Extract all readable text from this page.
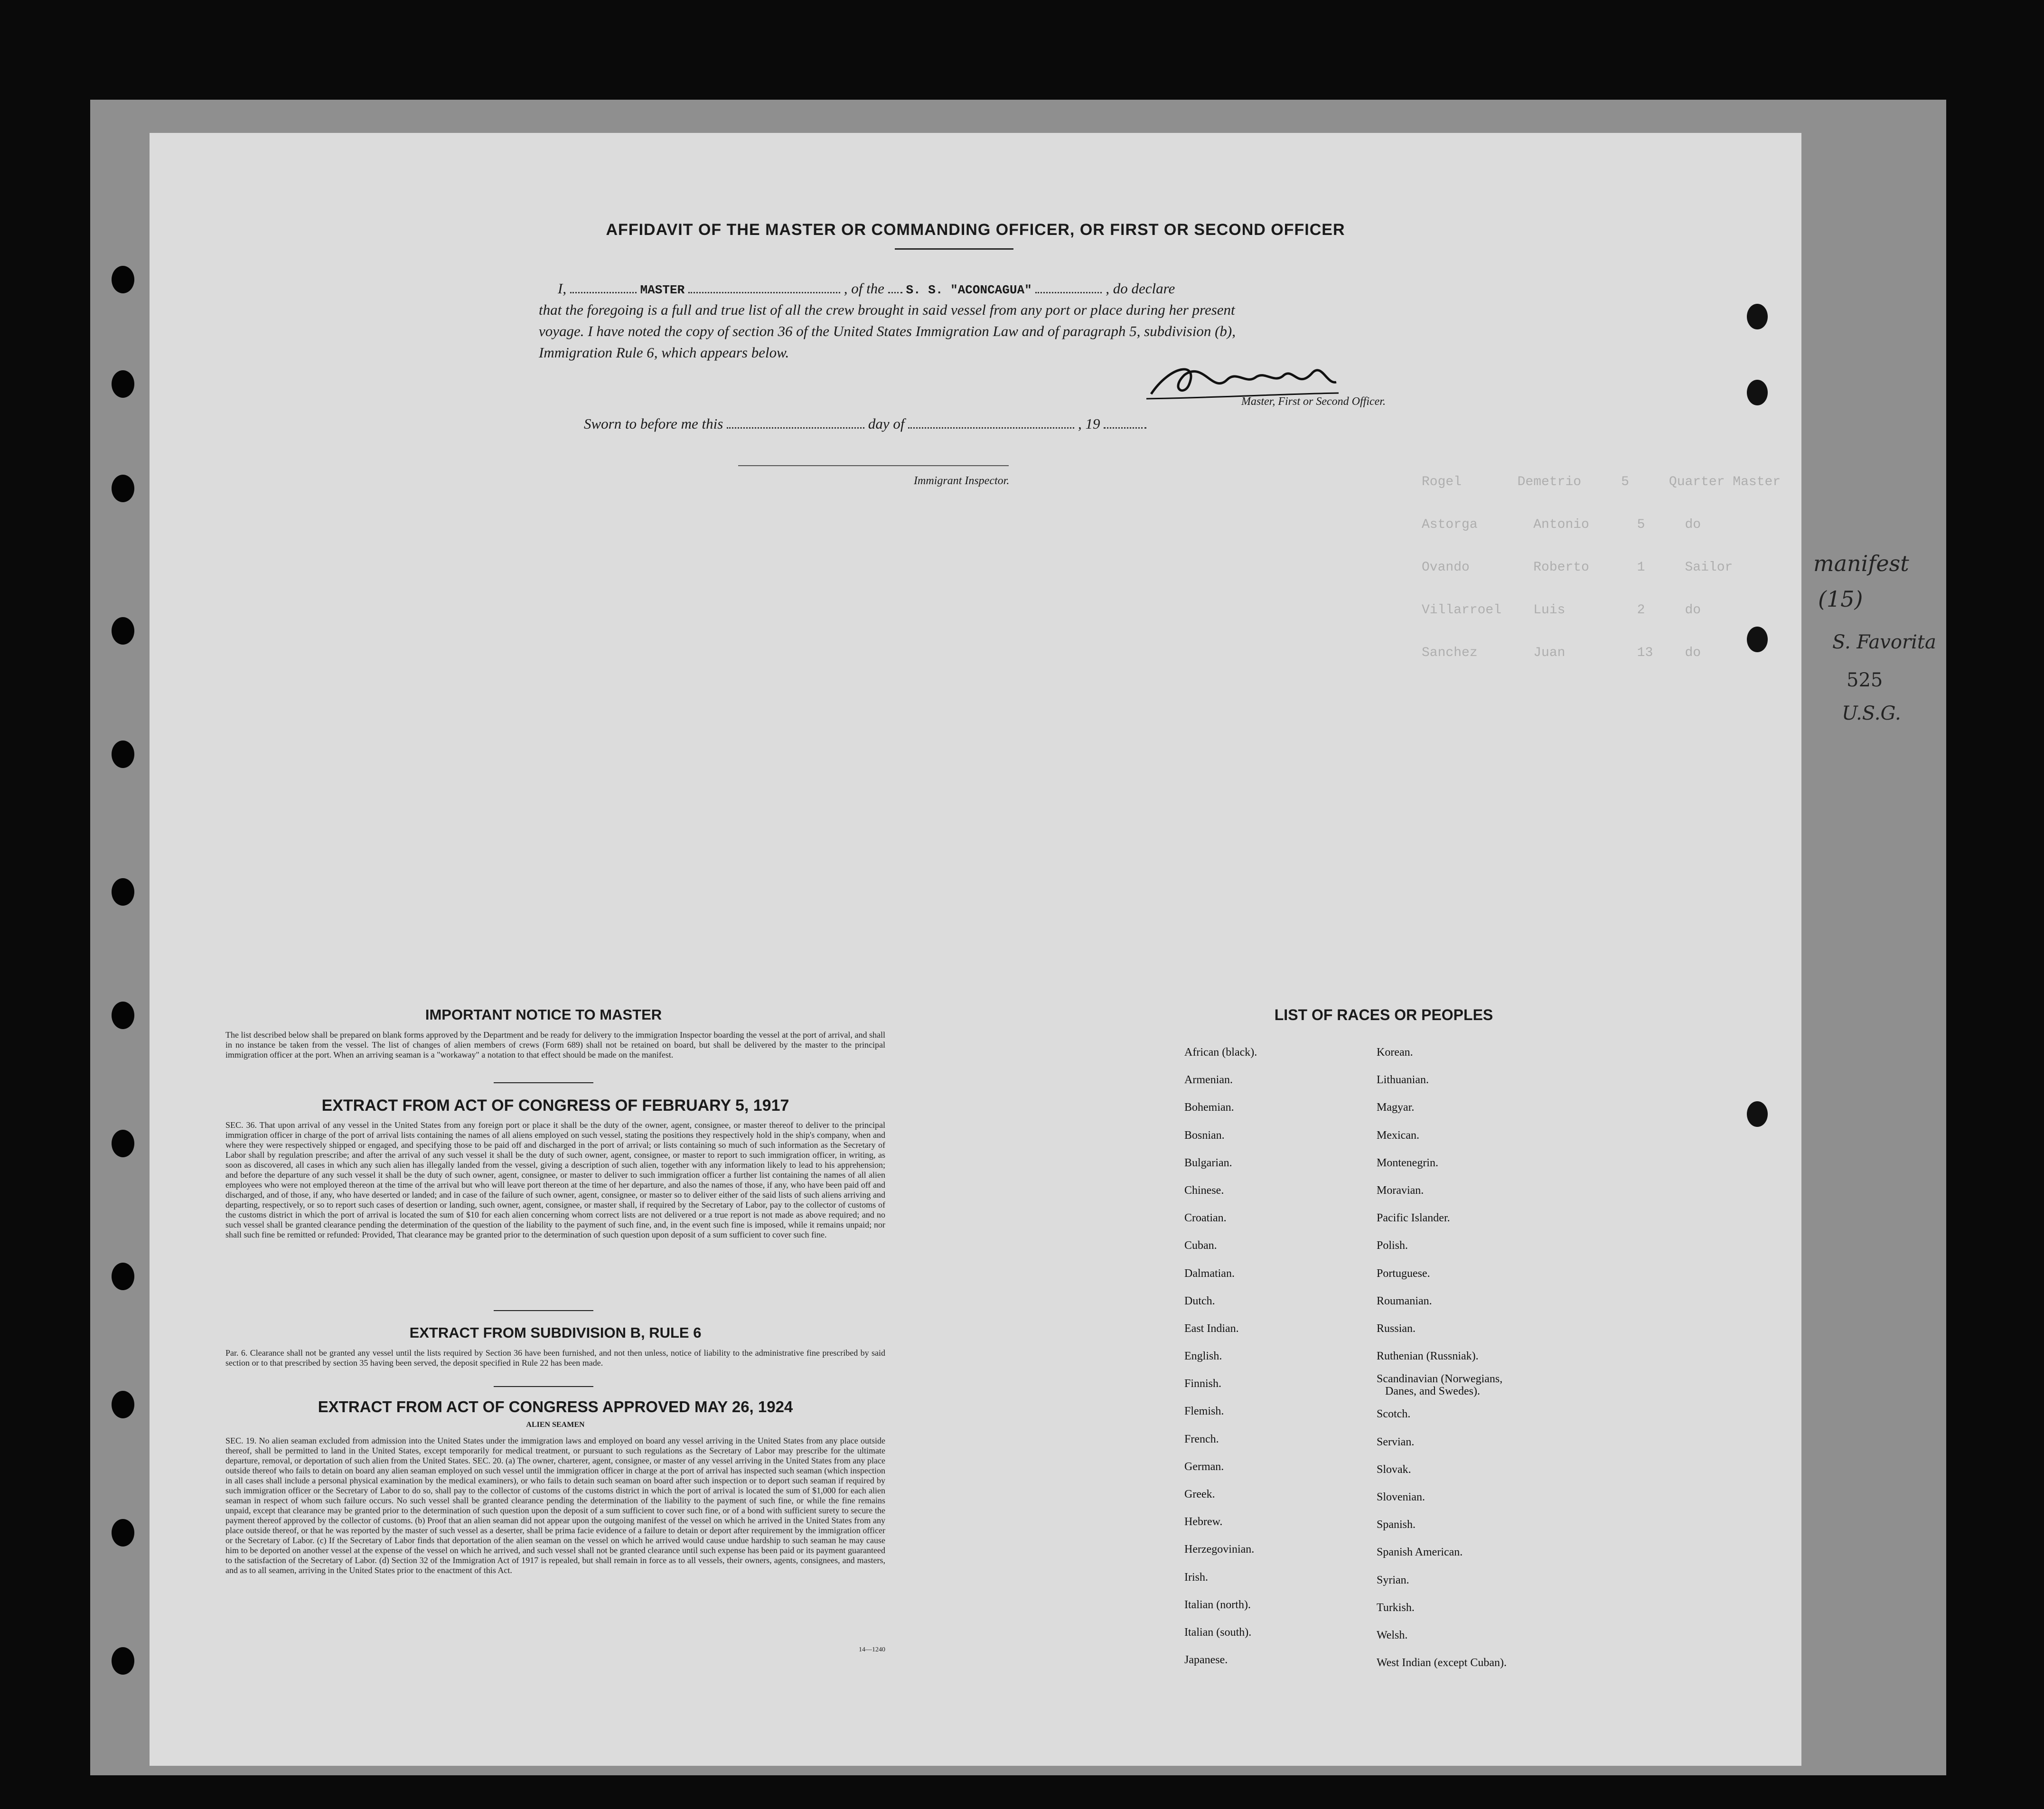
Rogel       Demetrio     5     Quarter Master
Astorga       Antonio      5     do
Ovando        Roberto      1     Sailor
Villarroel    Luis         2     do
Sanchez       Juan         13    do
AFFIDAVIT OF THE MASTER OR COMMANDING OFFICER, OR FIRST OR SECOND OFFICER
I,	MASTER	, of the S. S. "ACONCAGUA"	, do declare
that the foregoing is a full and true list of all the crew brought in said vessel from any port or place during her present
voyage. I have noted the copy of section 36 of the United States Immigration Law and of paragraph 5, subdivision (b),
Immigration Rule 6, which appears below.
Master, First or Second Officer.
Sworn to before me this	day of	, 19
Immigrant Inspector.
IMPORTANT NOTICE TO MASTER
The list described below shall be prepared on blank forms approved by the Department and be ready for delivery to the immigration Inspector boarding the vessel at the port of arrival, and shall in no instance be taken from the vessel. The list of changes of alien members of crews (Form 689) shall not be retained on board, but shall be delivered by the master to the principal immigration officer at the port. When an arriving seaman is a "workaway" a notation to that effect should be made on the manifest.
EXTRACT FROM ACT OF CONGRESS OF FEBRUARY 5, 1917
SEC. 36. That upon arrival of any vessel in the United States from any foreign port or place it shall be the duty of the owner, agent, consignee, or master thereof to deliver to the principal immigration officer in charge of the port of arrival lists containing the names of all aliens employed on such vessel, stating the positions they respectively hold in the ship's company, when and where they were respectively shipped or engaged, and specifying those to be paid off and discharged in the port of arrival; or lists containing so much of such information as the Secretary of Labor shall by regulation prescribe; and after the arrival of any such vessel it shall be the duty of such owner, agent, consignee, or master to report to such immigration officer, in writing, as soon as discovered, all cases in which any such alien has illegally landed from the vessel, giving a description of such alien, together with any information likely to lead to his apprehension; and before the departure of any such vessel it shall be the duty of such owner, agent, consignee, or master to deliver to such immigration officer a further list containing the names of all alien employees who were not employed thereon at the time of the arrival but who will leave port thereon at the time of her departure, and also the names of those, if any, who have been paid off and discharged, and of those, if any, who have deserted or landed; and in case of the failure of such owner, agent, consignee, or master so to deliver either of the said lists of such aliens arriving and departing, respectively, or so to report such cases of desertion or landing, such owner, agent, consignee, or master shall, if required by the Secretary of Labor, pay to the collector of customs of the customs district in which the port of arrival is located the sum of $10 for each alien concerning whom correct lists are not delivered or a true report is not made as above required; and no such vessel shall be granted clearance pending the determination of the question of the liability to the payment of such fine, and, in the event such fine is imposed, while it remains unpaid; nor shall such fine be remitted or refunded: Provided, That clearance may be granted prior to the determination of such question upon deposit of a sum sufficient to cover such fine.
EXTRACT FROM SUBDIVISION B, RULE 6
Par. 6. Clearance shall not be granted any vessel until the lists required by Section 36 have been furnished, and not then unless, notice of liability to the administrative fine prescribed by said section or to that prescribed by section 35 having been served, the deposit specified in Rule 22 has been made.
EXTRACT FROM ACT OF CONGRESS APPROVED MAY 26, 1924
ALIEN SEAMEN
SEC. 19. No alien seaman excluded from admission into the United States under the immigration laws and employed on board any vessel arriving in the United States from any place outside thereof, shall be permitted to land in the United States, except temporarily for medical treatment, or pursuant to such regulations as the Secretary of Labor may prescribe for the ultimate departure, removal, or deportation of such alien from the United States. SEC. 20. (a) The owner, charterer, agent, consignee, or master of any vessel arriving in the United States from any place outside thereof who fails to detain on board any alien seaman employed on such vessel until the immigration officer in charge at the port of arrival has inspected such seaman (which inspection in all cases shall include a personal physical examination by the medical examiners), or who fails to detain such seaman on board after such inspection or to deport such seaman if required by such immigration officer or the Secretary of Labor to do so, shall pay to the collector of customs of the customs district in which the port of arrival is located the sum of $1,000 for each alien seaman in respect of whom such failure occurs. No such vessel shall be granted clearance pending the determination of the liability to the payment of such fine, or while the fine remains unpaid, except that clearance may be granted prior to the determination of such question upon the deposit of a sum sufficient to cover such fine, or of a bond with sufficient surety to secure the payment thereof approved by the collector of customs. (b) Proof that an alien seaman did not appear upon the outgoing manifest of the vessel on which he arrived in the United States from any place outside thereof, or that he was reported by the master of such vessel as a deserter, shall be prima facie evidence of a failure to detain or deport after requirement by the immigration officer or the Secretary of Labor. (c) If the Secretary of Labor finds that deportation of the alien seaman on the vessel on which he arrived would cause undue hardship to such seaman he may cause him to be deported on another vessel at the expense of the vessel on which he arrived, and such vessel shall not be granted clearance until such expense has been paid or its payment guaranteed to the satisfaction of the Secretary of Labor. (d) Section 32 of the Immigration Act of 1917 is repealed, but shall remain in force as to all vessels, their owners, agents, consignees, and masters, and as to all seamen, arriving in the United States prior to the enactment of this Act.
14—1240
LIST OF RACES OR PEOPLES
African (black).
Armenian.
Bohemian.
Bosnian.
Bulgarian.
Chinese.
Croatian.
Cuban.
Dalmatian.
Dutch.
East Indian.
English.
Finnish.
Flemish.
French.
German.
Greek.
Hebrew.
Herzegovinian.
Irish.
Italian (north).
Italian (south).
Japanese.
Korean.
Lithuanian.
Magyar.
Mexican.
Montenegrin.
Moravian.
Pacific Islander.
Polish.
Portuguese.
Roumanian.
Russian.
Ruthenian (Russniak).
Scandinavian (Norwegians,
Danes, and Swedes).
Scotch.
Servian.
Slovak.
Slovenian.
Spanish.
Spanish American.
Syrian.
Turkish.
Welsh.
West Indian (except Cuban).
manifest
(15)
S. Favorita
525
U.S.G.
